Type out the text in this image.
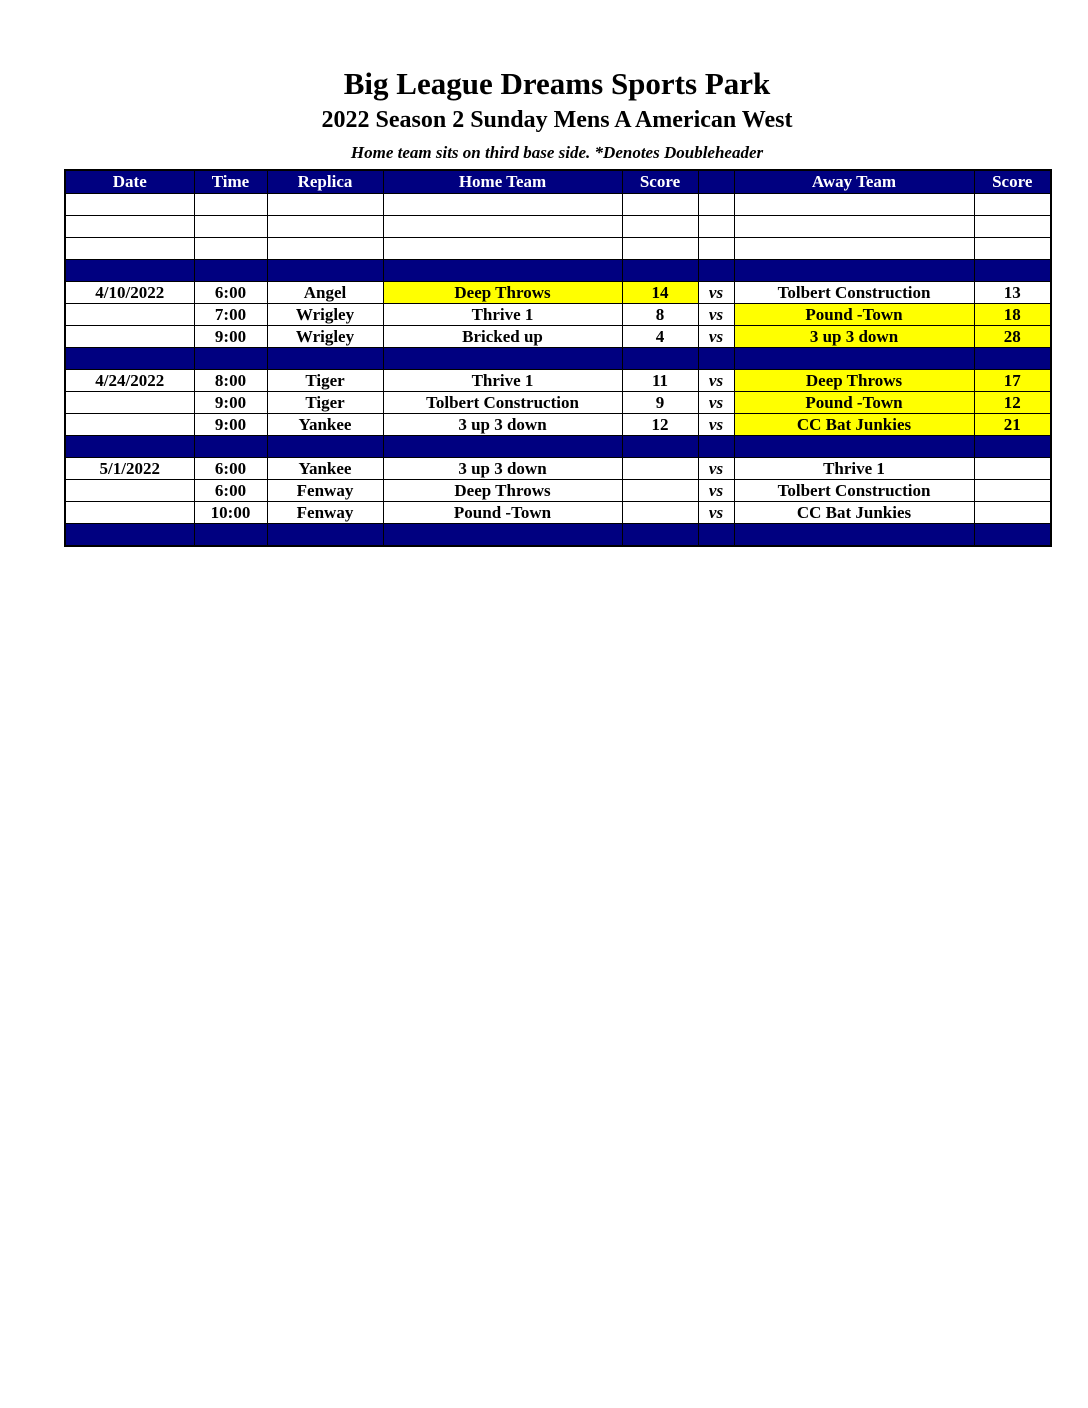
Big League Dreams Sports Park
2022 Season 2 Sunday Mens A American West
Home team sits on third base side. *Denotes Doubleheader
Date	Time	Replica	Home Team	Score		Away Team	Score

4/10/2022	6:00	Angel	Deep Throws	14	vs	Tolbert Construction	13
	7:00	Wrigley	Thrive 1	8	vs	Pound -Town	18
	9:00	Wrigley	Bricked up	4	vs	3 up 3 down	28

4/24/2022	8:00	Tiger	Thrive 1	11	vs	Deep Throws	17
	9:00	Tiger	Tolbert Construction	9	vs	Pound -Town	12
	9:00	Yankee	3 up 3 down	12	vs	CC Bat Junkies	21

5/1/2022	6:00	Yankee	3 up 3 down		vs	Thrive 1	
	6:00	Fenway	Deep Throws		vs	Tolbert Construction	
	10:00	Fenway	Pound -Town		vs	CC Bat Junkies	
